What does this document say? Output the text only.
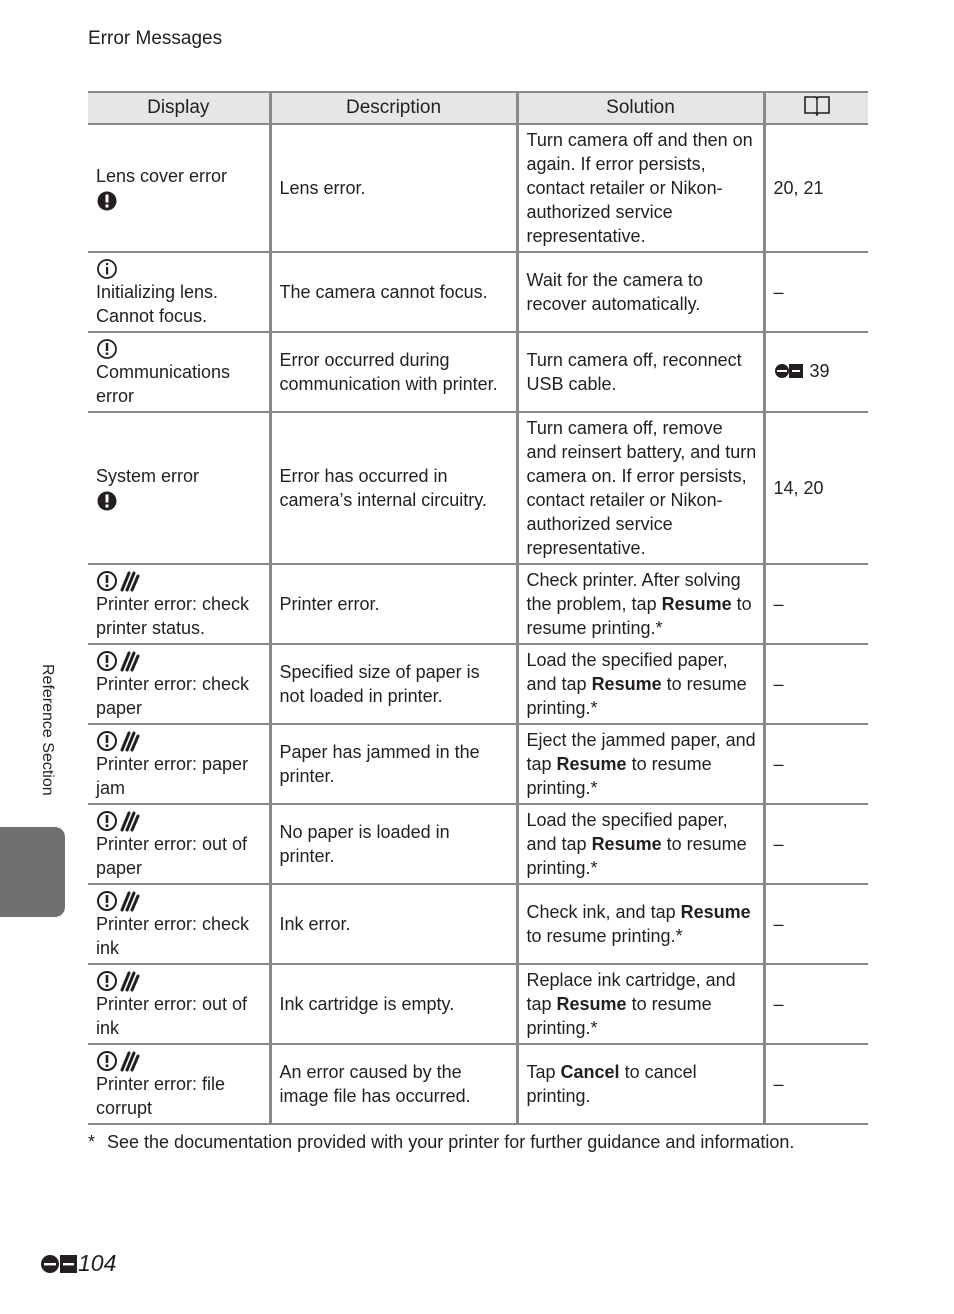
Error Messages
Display	Description	Solution	

Lens cover error	Lens error.	Turn camera off and then on again. If error persists, contact retailer or Nikon-authorized service representative.	20, 21

Initializing lens. Cannot focus.	The camera cannot focus.	Wait for the camera to recover automatically.	–

Communications error	Error occurred during communication with printer.	Turn camera off, reconnect USB cable.	39

System error	Error has occurred in camera’s internal circuitry.	Turn camera off, remove and reinsert battery, and turn camera on. If error persists, contact retailer or Nikon-authorized service representative.	14, 20

Printer error: check printer status.	Printer error.	Check printer. After solving the problem, tap Resume to resume printing.*	–

Printer error: check paper	Specified size of paper is not loaded in printer.	Load the specified paper, and tap Resume to resume printing.*	–

Printer error: paper jam	Paper has jammed in the printer.	Eject the jammed paper, and tap Resume to resume printing.*	–

Printer error: out of paper	No paper is loaded in printer.	Load the specified paper, and tap Resume to resume printing.*	–

Printer error: check ink	Ink error.	Check ink, and tap Resume to resume printing.*	–

Printer error: out of ink	Ink cartridge is empty.	Replace ink cartridge, and tap Resume to resume printing.*	–

Printer error: file corrupt	An error caused by the image file has occurred.	Tap Cancel to cancel printing.	–
* See the documentation provided with your printer for further guidance and information.
Reference Section
104
